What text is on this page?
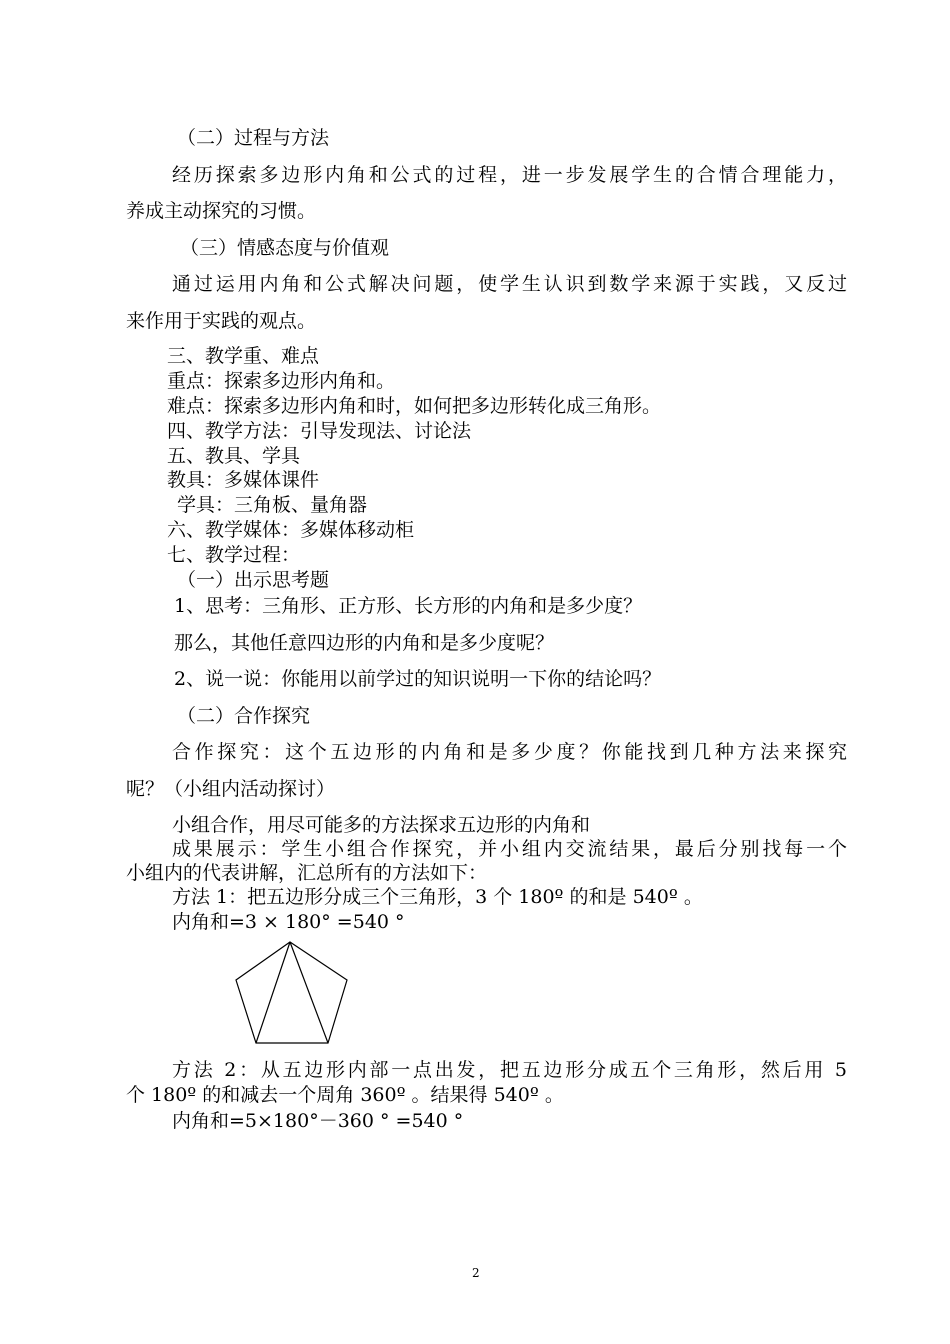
（二）过程与方法
经历探索多边形内角和公式的过程，进一步发展学生的合情合理能力，
养成主动探究的习惯。
（三）情感态度与价值观
通过运用内角和公式解决问题，使学生认识到数学来源于实践，又反过
来作用于实践的观点。
三、教学重、难点
重点：探索多边形内角和。
难点：探索多边形内角和时，如何把多边形转化成三角形。
四、教学方法：引导发现法、讨论法
五、教具、学具
教具：多媒体课件
学具：三角板、量角器
六、教学媒体：多媒体移动柜
七、教学过程：
（一）出示思考题
1、思考：三角形、正方形、长方形的内角和是多少度？
那么，其他任意四边形的内角和是多少度呢？
2、说一说：你能用以前学过的知识说明一下你的结论吗？
（二）合作探究
合作探究：这个五边形的内角和是多少度？你能找到几种方法来探究
呢？（小组内活动探讨）
小组合作，用尽可能多的方法探求五边形的内角和
成果展示：学生小组合作探究，并小组内交流结果，最后分别找每一个
小组内的代表讲解，汇总所有的方法如下：
方法 1：把五边形分成三个三角形，3 个 180º 的和是 540º 。
内角和=3 × 180° =540 °
方法 2：从五边形内部一点出发，把五边形分成五个三角形，然后用 5
个 180º 的和减去一个周角 360º 。结果得 540º 。
内角和=5×180°－360 ° =540 °
2
